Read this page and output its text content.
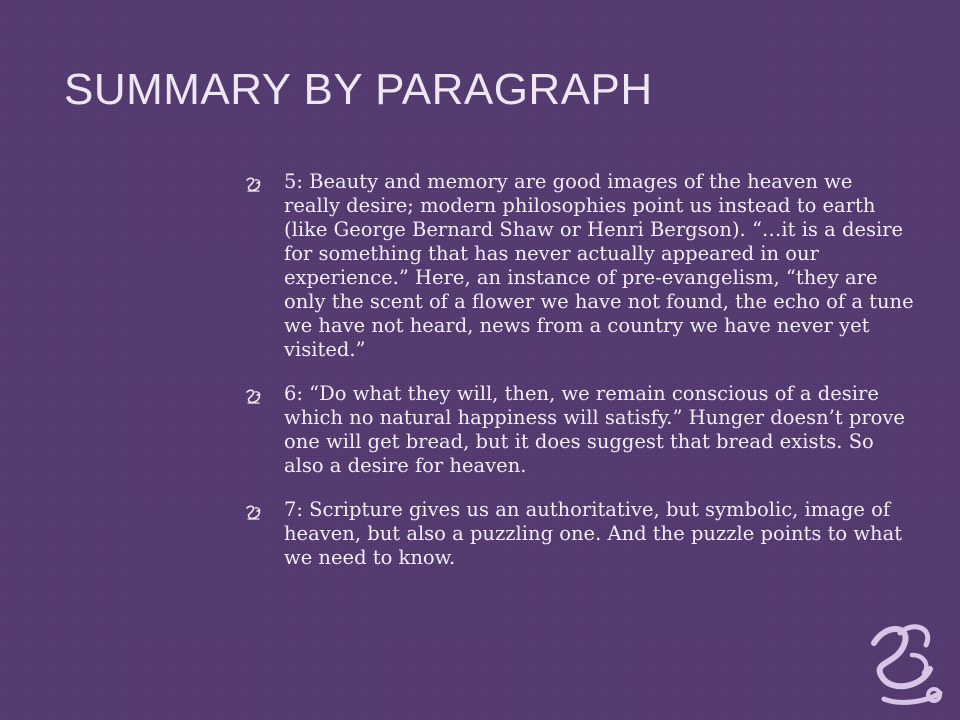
SUMMARY BY PARAGRAPH

5: Beauty and memory are good images of the heaven we really desire; modern philosophies point us instead to earth (like George Bernard Shaw or Henri Bergson). “…it is a desire for something that has never actually appeared in our experience.” Here, an instance of pre-evangelism, “they are only the scent of a flower we have not found, the echo of a tune we have not heard, news from a country we have never yet visited.”

6: “Do what they will, then, we remain conscious of a desire which no natural happiness will satisfy.” Hunger doesn’t prove one will get bread, but it does suggest that bread exists. So also a desire for heaven.

7: Scripture gives us an authoritative, but symbolic, image of heaven, but also a puzzling one. And the puzzle points to what we need to know.
